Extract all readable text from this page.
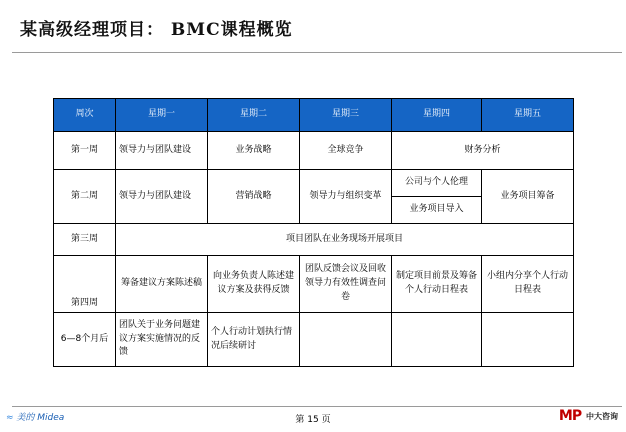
某高级经理项目： BMC课程概览
周次	星期一	星期二	星期三	星期四	星期五
第一周	领导力与团队建设	业务战略	全球竞争	财务分析	
第二周	领导力与团队建设	营销战略	领导力与组织变革	公司与个人伦理	业务项目筹备
				业务项目导入	
第三周	项目团队在业务现场开展项目				
第四周	筹备建议方案陈述稿	向业务负责人陈述建议方案及获得反馈	团队反馈会议及回收领导力有效性调查问卷	制定项目前景及筹备个人行动日程表	小组内分享个人行动日程表
6—8个月后	团队关于业务问题建议方案实施情况的反馈	个人行动计划执行情况后续研讨			
≈ 美的 Midea	第 15 页	MP 中大咨询
